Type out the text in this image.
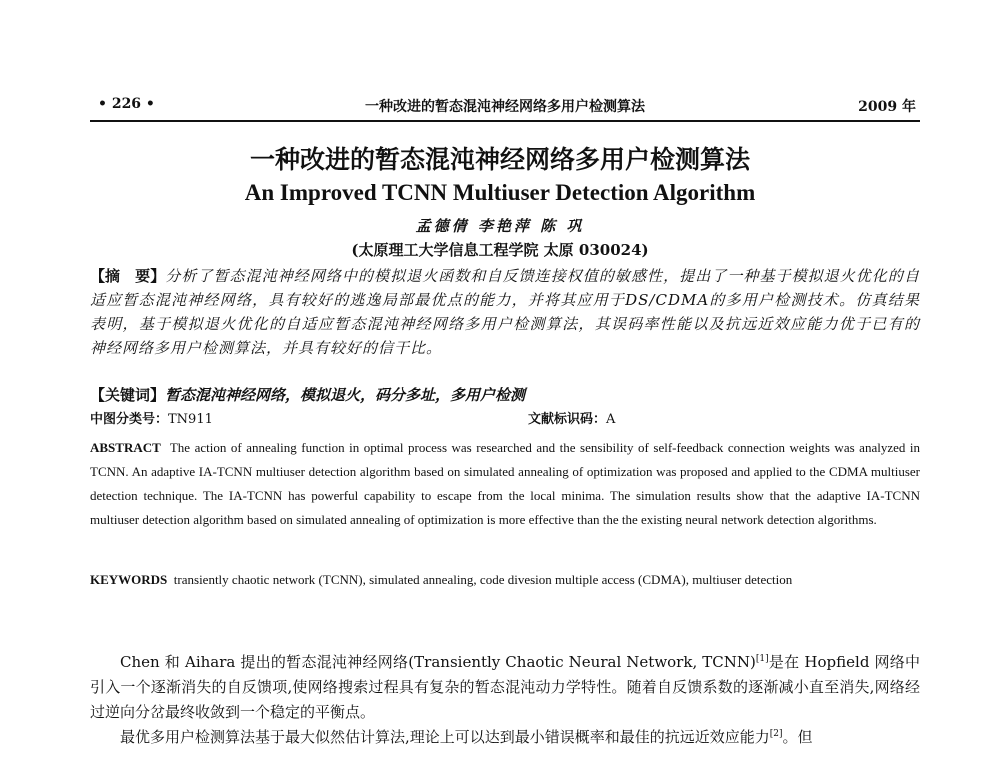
• 226 •	一种改进的暂态混沌神经网络多用户检测算法	2009 年
一种改进的暂态混沌神经网络多用户检测算法
An Improved TCNN Multiuser Detection Algorithm
孟德倩 李艳萍 陈 巩
(太原理工大学信息工程学院 太原 030024)
【摘　要】分析了暂态混沌神经网络中的模拟退火函数和自反馈连接权值的敏感性，提出了一种基于模拟退火优化的自适应暂态混沌神经网络，具有较好的逃逸局部最优点的能力，并将其应用于DS/CDMA的多用户检测技术。仿真结果表明，基于模拟退火优化的自适应暂态混沌神经网络多用户检测算法，其误码率性能以及抗远近效应能力优于已有的神经网络多用户检测算法，并具有较好的信干比。
【关键词】暂态混沌神经网络，模拟退火，码分多址，多用户检测
中图分类号：TN911	文献标识码：A
ABSTRACT The action of annealing function in optimal process was researched and the sensibility of self-feedback connection weights was analyzed in TCNN. An adaptive IA-TCNN multiuser detection algorithm based on simulated annealing of optimization was proposed and applied to the CDMA multiuser detection technique. The IA-TCNN has powerful capability to escape from the local minima. The simulation results show that the adaptive IA-TCNN multiuser detection algorithm based on simulated annealing of optimization is more effective than the the existing neural network detection algorithms.
KEYWORDS transiently chaotic network (TCNN), simulated annealing, code divesion multiple access (CDMA), multiuser detection

Chen 和 Aihara 提出的暂态混沌神经网络(Transiently Chaotic Neural Network, TCNN)[1]是在 Hopfield 网络中引入一个逐渐消失的自反馈项,使网络搜索过程具有复杂的暂态混沌动力学特性。随着自反馈系数的逐渐减小直至消失,网络经过逆向分岔最终收敛到一个稳定的平衡点。

最优多用户检测算法基于最大似然估计算法,理论上可以达到最小错误概率和最佳的抗远近效应能力[2]。但
